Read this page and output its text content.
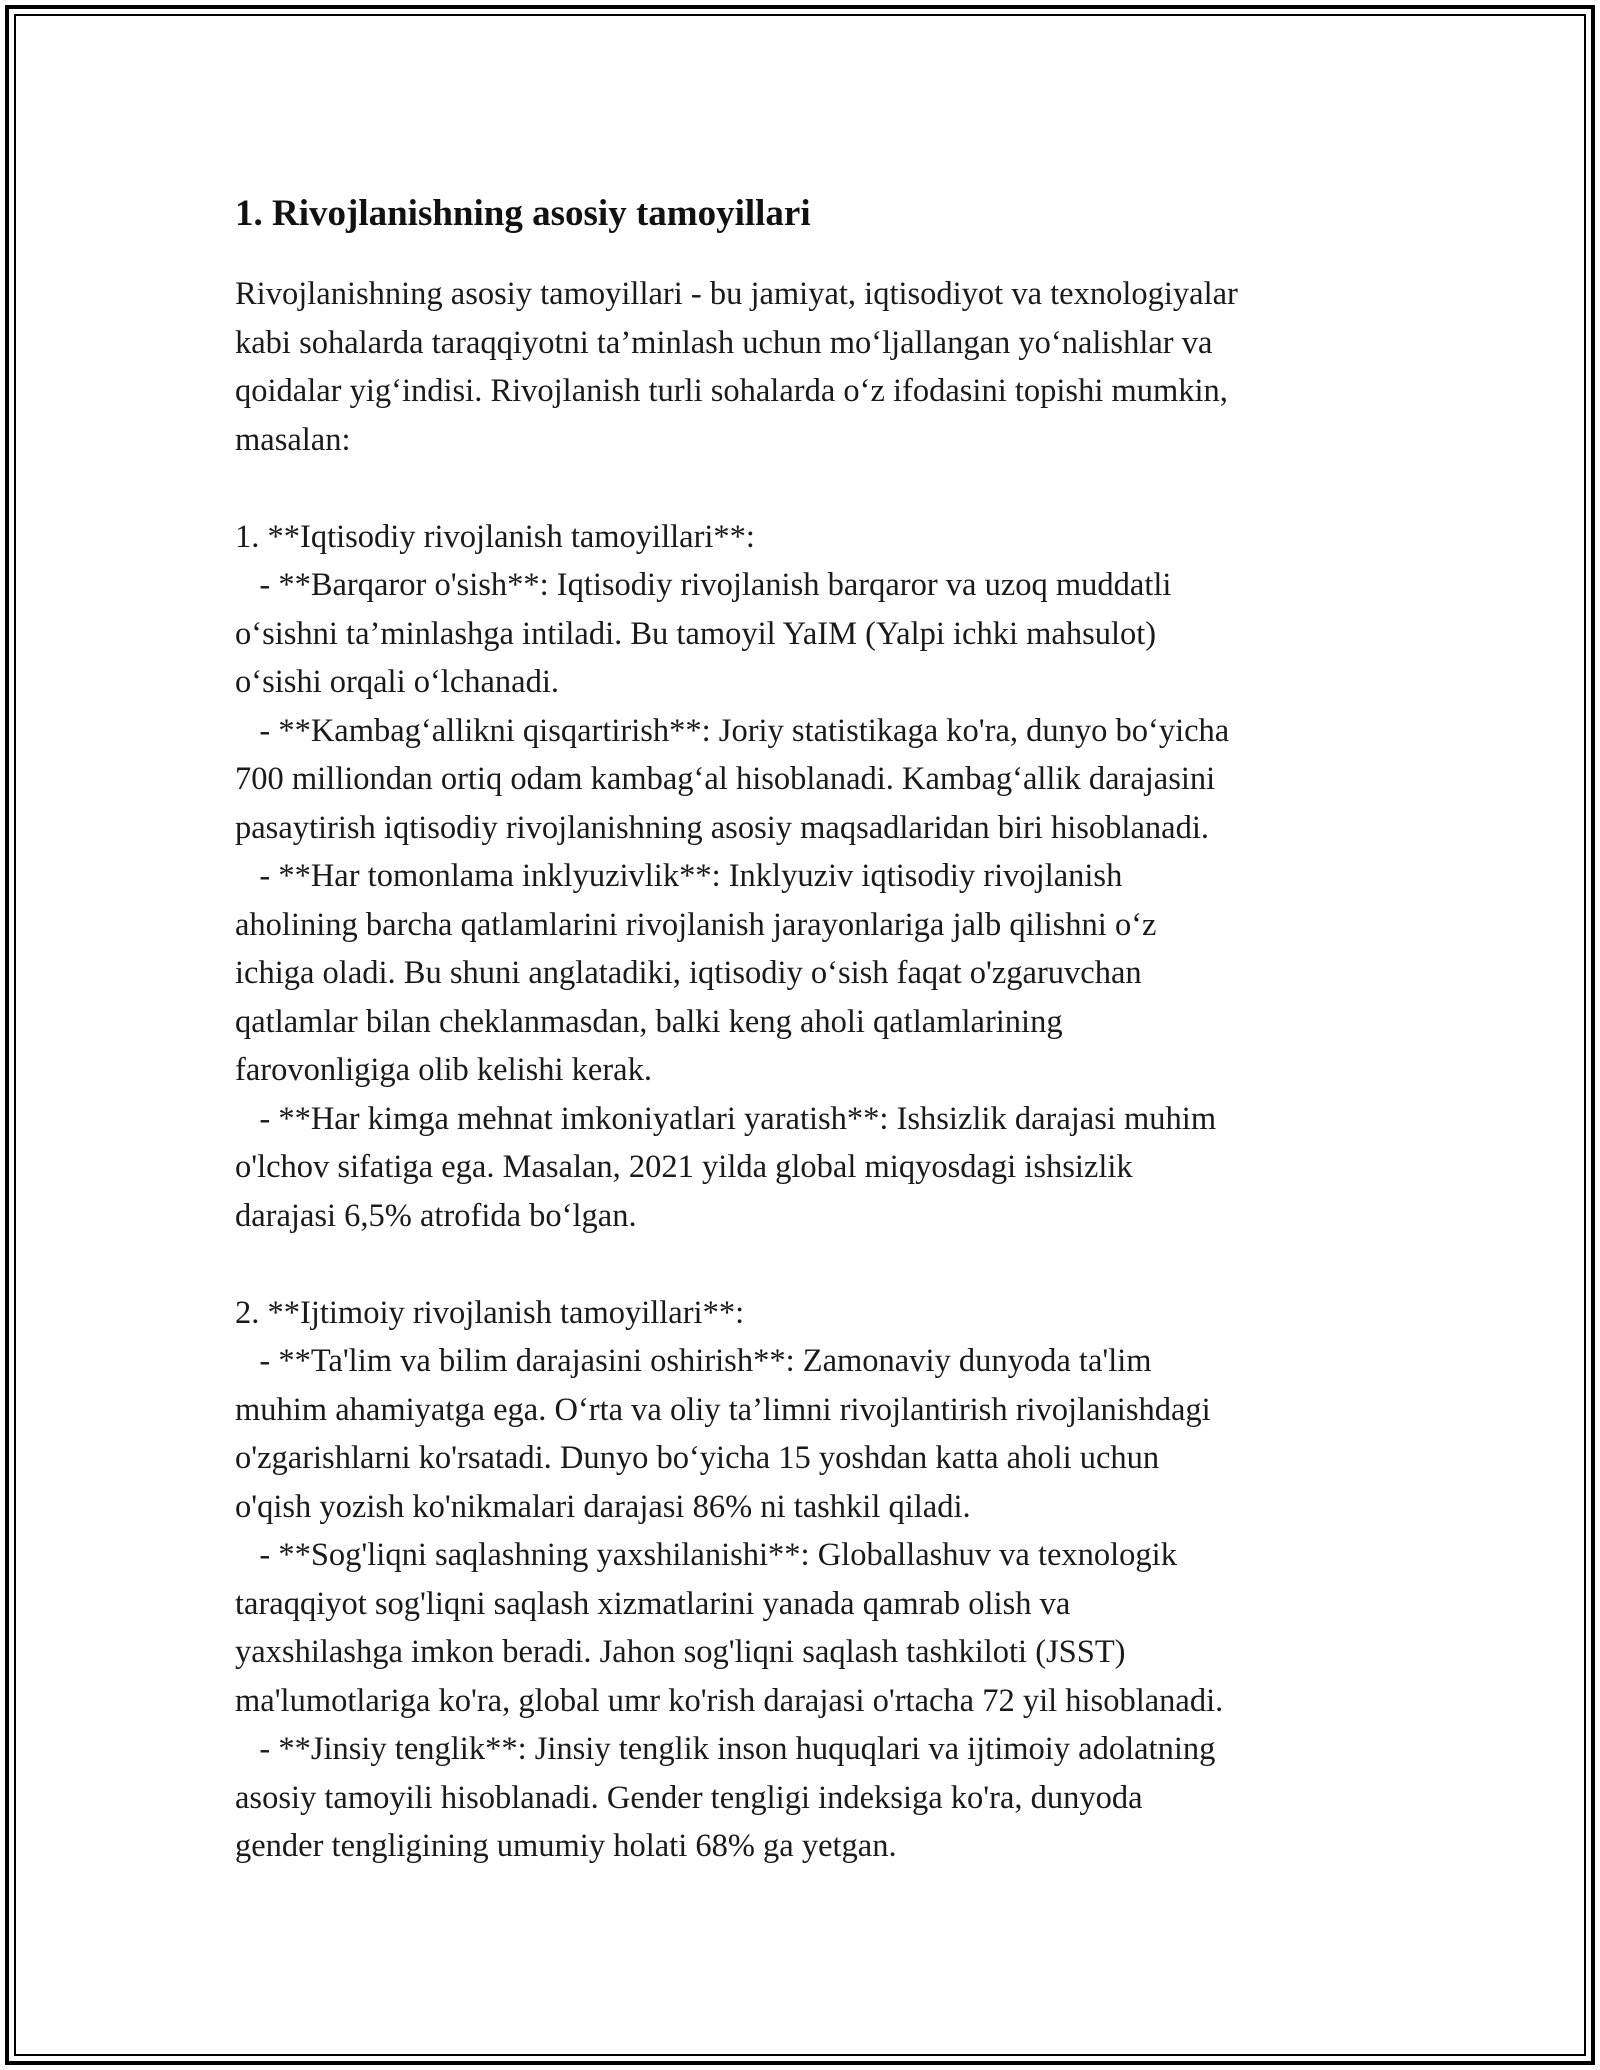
1. Rivojlanishning asosiy tamoyillari
Rivojlanishning asosiy tamoyillari - bu jamiyat, iqtisodiyot va texnologiyalar
kabi sohalarda taraqqiyotni ta’minlash uchun mo‘ljallangan yo‘nalishlar va
qoidalar yig‘indisi. Rivojlanish turli sohalarda o‘z ifodasini topishi mumkin,
masalan:
1. **Iqtisodiy rivojlanish tamoyillari**:
- **Barqaror o'sish**: Iqtisodiy rivojlanish barqaror va uzoq muddatli
o‘sishni ta’minlashga intiladi. Bu tamoyil YaIM (Yalpi ichki mahsulot)
o‘sishi orqali o‘lchanadi.
- **Kambag‘allikni qisqartirish**: Joriy statistikaga ko'ra, dunyo bo‘yicha
700 milliondan ortiq odam kambag‘al hisoblanadi. Kambag‘allik darajasini
pasaytirish iqtisodiy rivojlanishning asosiy maqsadlaridan biri hisoblanadi.
- **Har tomonlama inklyuzivlik**: Inklyuziv iqtisodiy rivojlanish
aholining barcha qatlamlarini rivojlanish jarayonlariga jalb qilishni o‘z
ichiga oladi. Bu shuni anglatadiki, iqtisodiy o‘sish faqat o'zgaruvchan
qatlamlar bilan cheklanmasdan, balki keng aholi qatlamlarining
farovonligiga olib kelishi kerak.
- **Har kimga mehnat imkoniyatlari yaratish**: Ishsizlik darajasi muhim
o'lchov sifatiga ega. Masalan, 2021 yilda global miqyosdagi ishsizlik
darajasi 6,5% atrofida bo‘lgan.
2. **Ijtimoiy rivojlanish tamoyillari**:
- **Ta'lim va bilim darajasini oshirish**: Zamonaviy dunyoda ta'lim
muhim ahamiyatga ega. O‘rta va oliy ta’limni rivojlantirish rivojlanishdagi
o'zgarishlarni ko'rsatadi. Dunyo bo‘yicha 15 yoshdan katta aholi uchun
o'qish yozish ko'nikmalari darajasi 86% ni tashkil qiladi.
- **Sog'liqni saqlashning yaxshilanishi**: Globallashuv va texnologik
taraqqiyot sog'liqni saqlash xizmatlarini yanada qamrab olish va
yaxshilashga imkon beradi. Jahon sog'liqni saqlash tashkiloti (JSST)
ma'lumotlariga ko'ra, global umr ko'rish darajasi o'rtacha 72 yil hisoblanadi.
- **Jinsiy tenglik**: Jinsiy tenglik inson huquqlari va ijtimoiy adolatning
asosiy tamoyili hisoblanadi. Gender tengligi indeksiga ko'ra, dunyoda
gender tengligining umumiy holati 68% ga yetgan.
